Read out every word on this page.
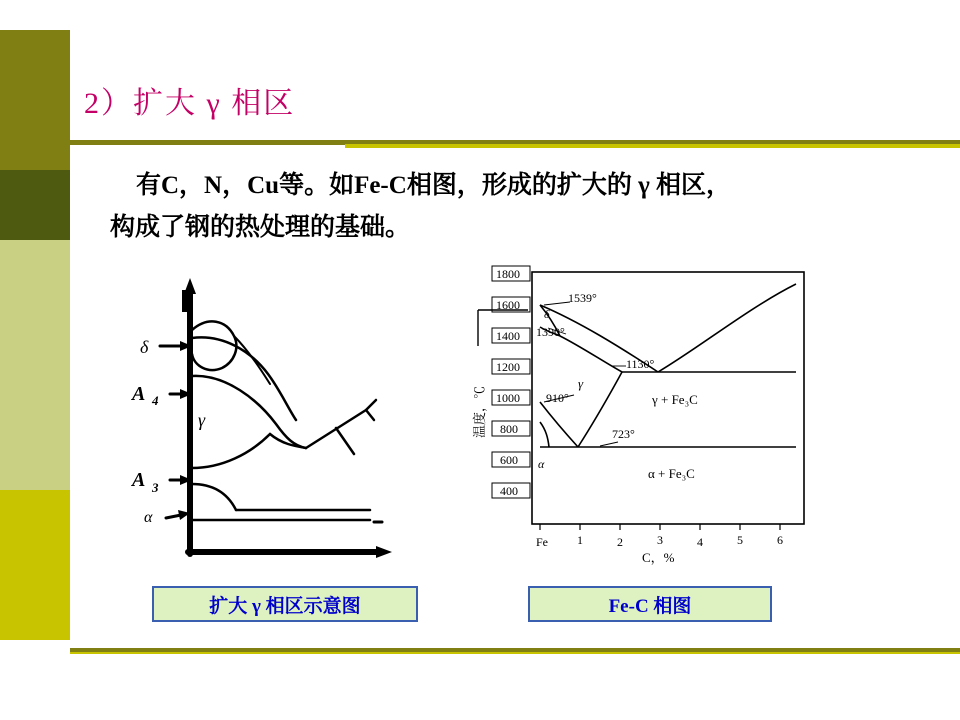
2）扩大 γ 相区
有C，N，Cu等。如Fe-C相图，形成的扩大的 γ 相区，
构成了钢的热处理的基础。
δ
A 4
γ
A 3
α
1800
1600
1400
1200
1000
800
600
400
温度，℃
Fe 1	2	3	4	5	6
C，%
1539°
1390°
1130°
910°
723°
δ
γ
α
γ + Fe₃C
α + Fe₃C
扩大 γ 相区示意图	Fe-C 相图
